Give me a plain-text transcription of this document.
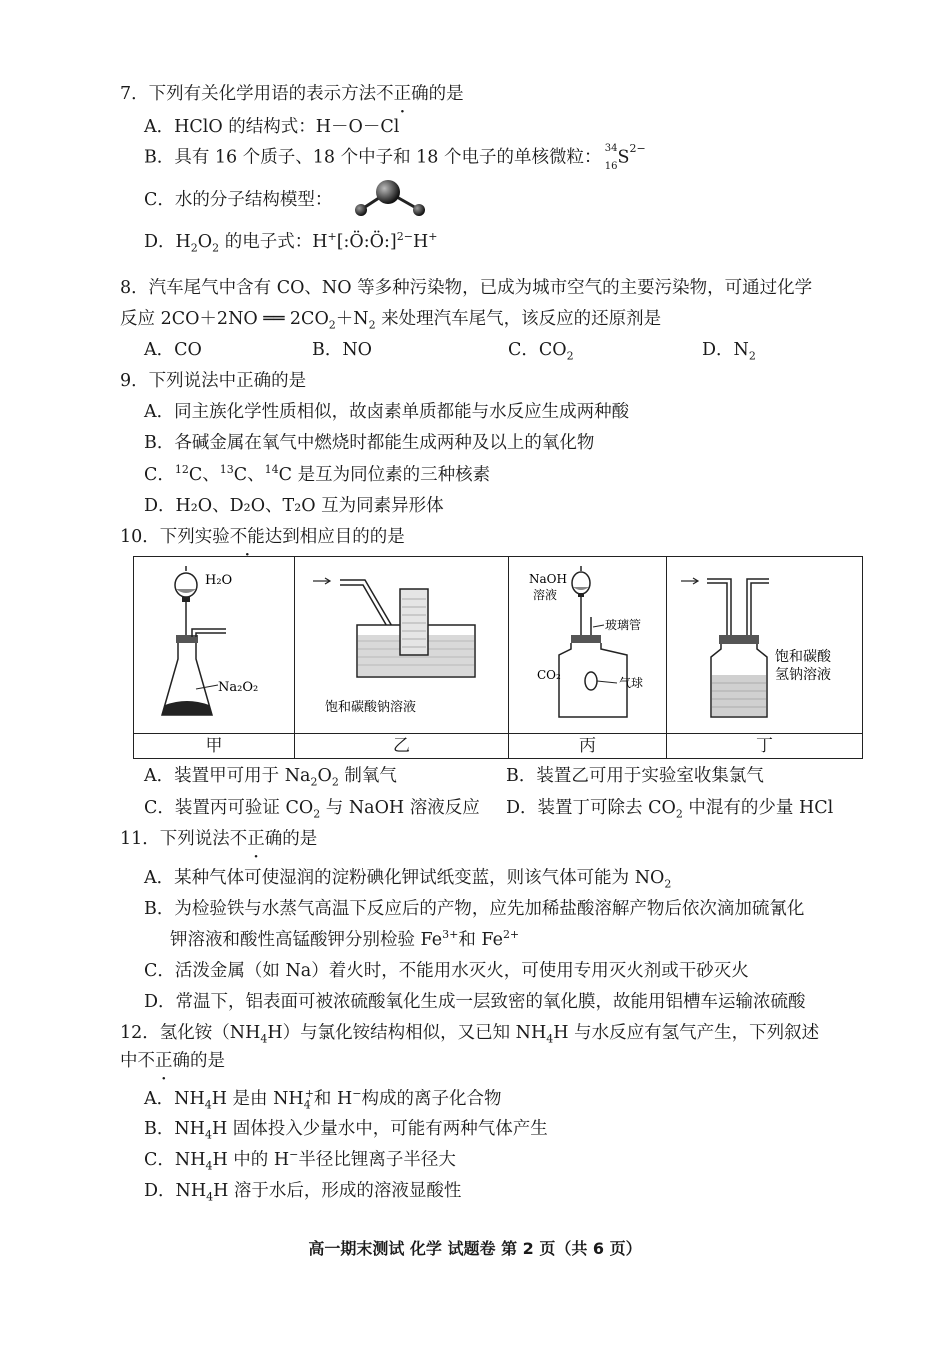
7．下列有关化学用语的表示方法不正确的是
A．HClO 的结构式：H－O－Cl
B．具有 16 个质子、18 个中子和 18 个电子的单核微粒： 34
16 $S^{2-}$
C．水的分子结构模型：
D．$H_2O_2$ 的电子式：H+[:Ö:Ö:]$^{2-}$H+
8．汽车尾气中含有 CO、NO 等多种污染物，已成为城市空气的主要污染物，可通过化学
反应 2CO＋2NO ══ $2CO_2+N_2$ 来处理汽车尾气，该反应的还原剂是
A．CO	B．NO	C．$CO_2$	D．$N_2$
9．下列说法中正确的是
A．同主族化学性质相似，故卤素单质都能与水反应生成两种酸
B．各碱金属在氧气中燃烧时都能生成两种及以上的氧化物
C．$^{12}$C、$^{13}$C、$^{14}$C 是互为同位素的三种核素
D．H₂O、D₂O、T₂O 互为同素异形体
10．下列实验不能达到相应目的的是
H₂O
Na₂O₂
饱和碳酸钠溶液
NaOH
溶液
玻璃管
CO₂
气球
饱和碳酸
氢钠溶液
甲	乙	丙	丁
A．装置甲可用于 $Na_2O_2$ 制氧气	B．装置乙可用于实验室收集氯气
C．装置丙可验证 $CO_2$ 与 NaOH 溶液反应 D．装置丁可除去 $CO_2$ 中混有的少量 HCl
11．下列说法不正确的是
A．某种气体可使湿润的淀粉碘化钾试纸变蓝，则该气体可能为 $NO_2$
B．为检验铁与水蒸气高温下反应后的产物，应先加稀盐酸溶解产物后依次滴加硫氰化
钾溶液和酸性高锰酸钾分别检验 $Fe^{3+}$和 $Fe^{2+}$
C．活泼金属（如 Na）着火时，不能用水灭火，可使用专用灭火剂或干砂灭火
D．常温下，铝表面可被浓硫酸氧化生成一层致密的氧化膜，故能用铝槽车运输浓硫酸
12．氢化铵$(NH_4H)$与氯化铵结构相似，又已知 $NH_4H$ 与水反应有氢气产生，下列叙述
中不正确的是
A．$NH_4H$ 是由 $NH_4^+$和 H−构成的离子化合物
B．$NH_4H$ 固体投入少量水中，可能有两种气体产生
C．$NH_4H$ 中的 H−半径比锂离子半径大
D．$NH_4H$ 溶于水后，形成的溶液显酸性
高一期末测试 化学 试题卷 第 2 页（共 6 页）
